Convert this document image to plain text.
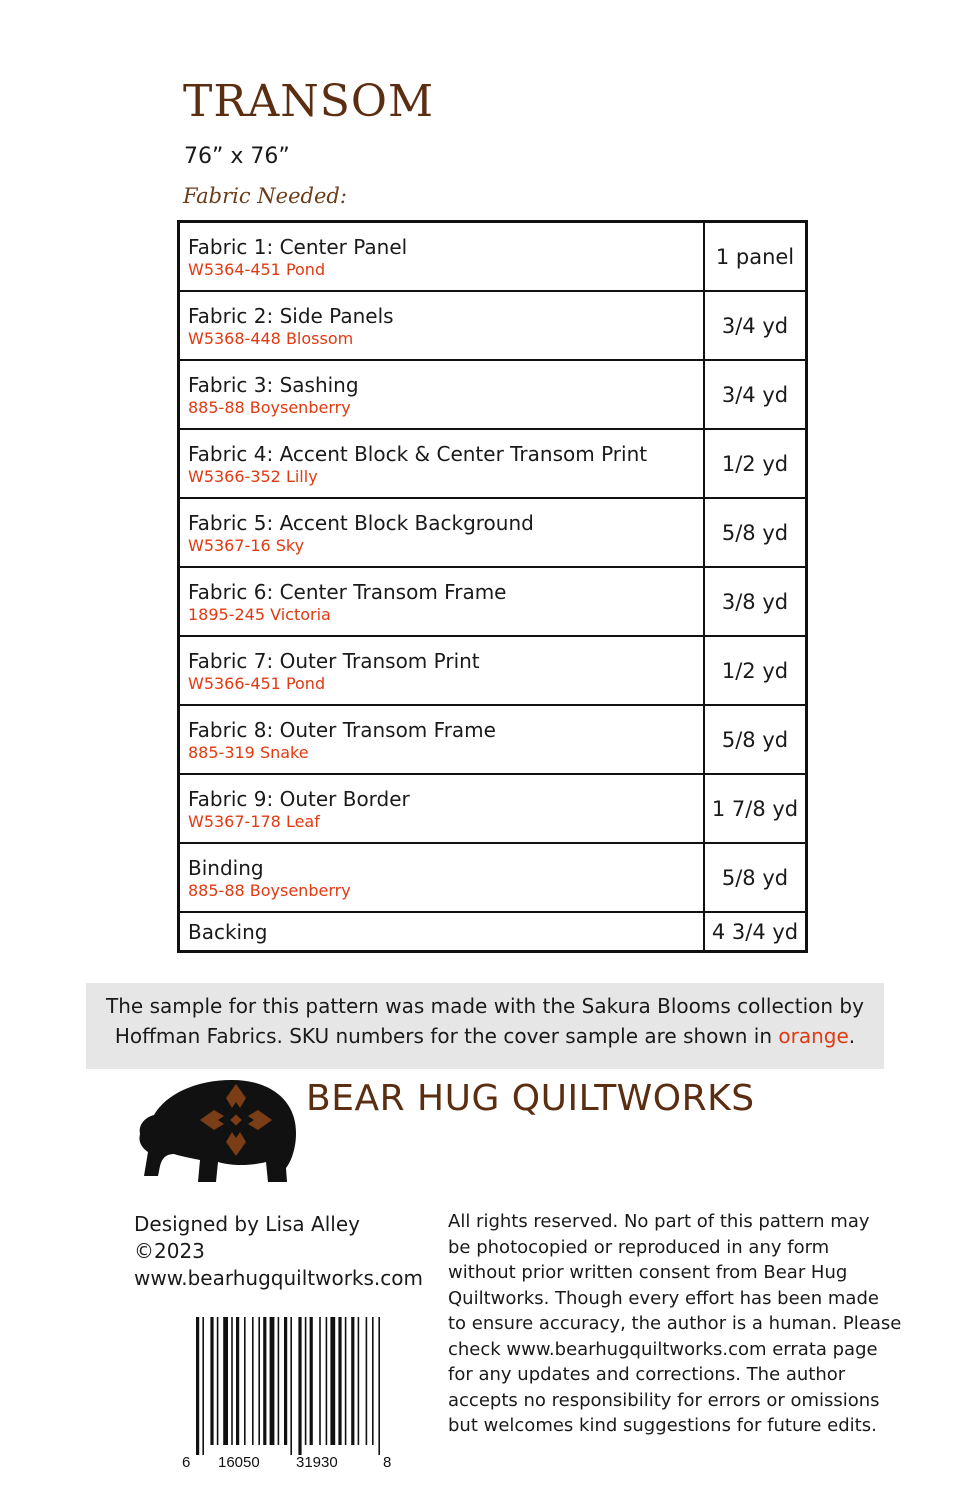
TRANSOM
76” x 76”
Fabric Needed:
Fabric 1: Center Panel
W5364-451 Pond	1 panel

Fabric 2: Side Panels
W5368-448 Blossom	3/4 yd

Fabric 3: Sashing
885-88 Boysenberry	3/4 yd

Fabric 4: Accent Block & Center Transom Print
W5366-352 Lilly	1/2 yd

Fabric 5: Accent Block Background
W5367-16 Sky	5/8 yd

Fabric 6: Center Transom Frame
1895-245 Victoria	3/8 yd

Fabric 7: Outer Transom Print
W5366-451 Pond	1/2 yd

Fabric 8: Outer Transom Frame
885-319 Snake	5/8 yd

Fabric 9: Outer Border
W5367-178 Leaf	1 7/8 yd

Binding
885-88 Boysenberry	5/8 yd

Backing	4 3/4 yd

The sample for this pattern was made with the Sakura Blooms collection by
Hoffman Fabrics. SKU numbers for the cover sample are shown in orange.

BEAR HUG QUILTWORKS
Designed by Lisa Alley
©2023
www.bearhugquiltworks.com
All rights reserved. No part of this pattern may
be photocopied or reproduced in any form
without prior written consent from Bear Hug
Quiltworks. Though every effort has been made
to ensure accuracy, the author is a human. Please
check www.bearhugquiltworks.com errata page
for any updates and corrections. The author
accepts no responsibility for errors or omissions
but welcomes kind suggestions for future edits.
6 16050 31930	8
